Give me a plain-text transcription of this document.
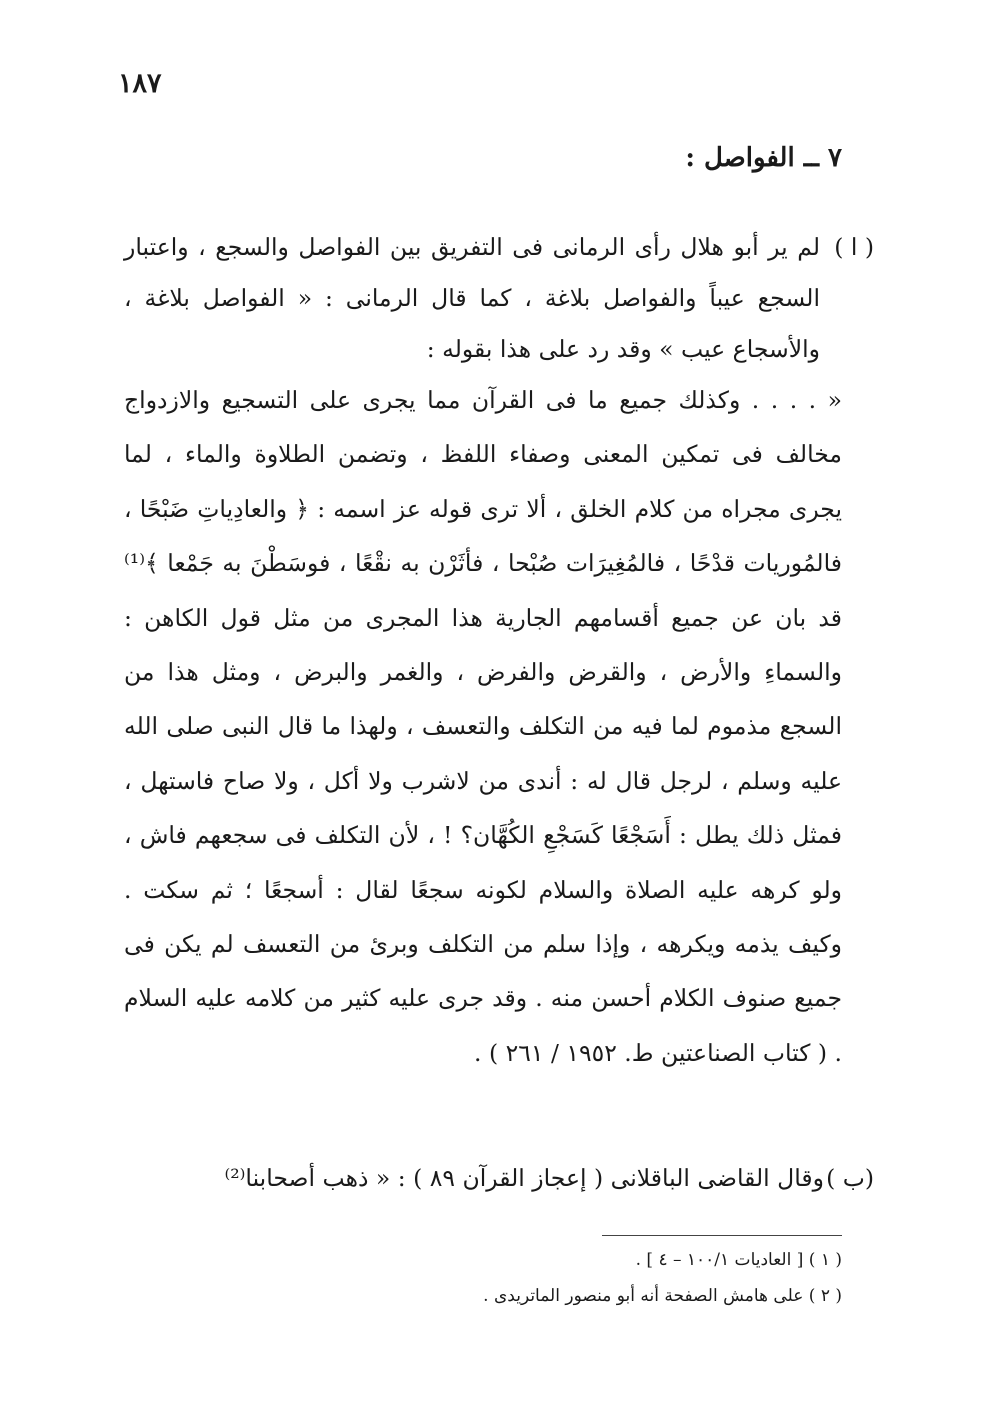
١٨٧
٧ ــ الفواصل :
( ا )
لم ير أبو هلال رأى الرمانى فى التفريق بين الفواصل والسجع ، واعتبار السجع عيباً والفواصل بلاغة ، كما قال الرمانى : « الفواصل بلاغة ، والأسجاع عيب » وقد رد على هذا بقوله :
« . . . . وكذلك جميع ما فى القرآن مما يجرى على التسجيع والازدواج مخالف فى تمكين المعنى وصفاء اللفظ ، وتضمن الطلاوة والماء ، لما يجرى مجراه من كلام الخلق ، ألا ترى قوله عز اسمه : ﴿ والعادِياتِ ضَبْحًا ، فالمُوريات قدْحًا ، فالمُغِيرَات صُبْحا ، فأثَرْن به نقْعًا ، فوسَطْنَ به جَمْعا ﴾⁽¹⁾قد بان عن جميع أقسامهم الجارية هذا المجرى من مثل قول الكاهن : والسماءِ والأرض ، والقرض والفرض ، والغمر والبرض ، ومثل هذا من السجع مذموم لما فيه من التكلف والتعسف ، ولهذا ما قال النبى صلى الله عليه وسلم ، لرجل قال له : أندى من لاشرب ولا أكل ، ولا صاح فاستهل ، فمثل ذلك يطل : أَسَجْعًا كَسَجْعِ الكُهَّان؟ ! ، لأن التكلف فى سجعهم فاش ، ولو كرهه عليه الصلاة والسلام لكونه سجعًا لقال : أسجعًا ؛ ثم سكت . وكيف يذمه ويكرهه ، وإذا سلم من التكلف وبرئ من التعسف لم يكن فى جميع صنوف الكلام أحسن منه . وقد جرى عليه كثير من كلامه عليه السلام . ( كتاب الصناعتين ط. ١٩٥٢ / ٢٦١ ) .
(ب )
وقال القاضى الباقلانى ( إعجاز القرآن ٨٩ ) : « ذهب أصحابنا⁽²⁾
( ١ ) [ العاديات ١٠٠/١ – ٤ ] .
( ٢ ) على هامش الصفحة أنه أبو منصور الماتريدى .
